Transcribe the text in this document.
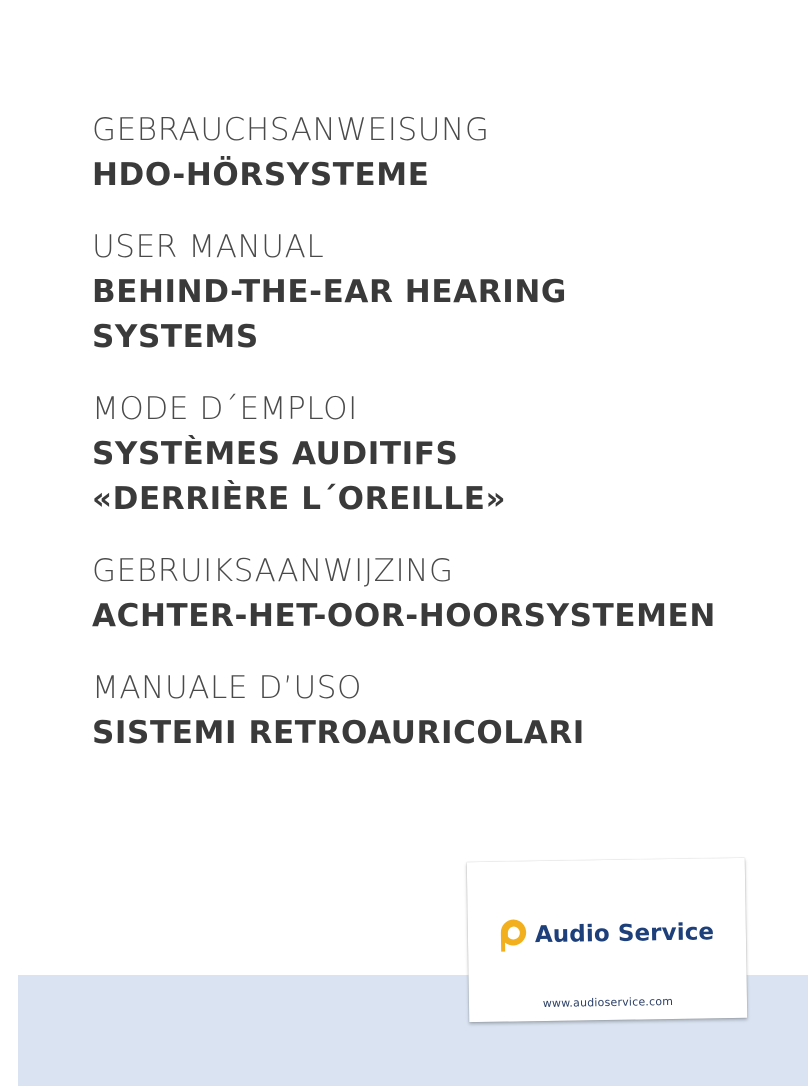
GEBRAUCHSANWEISUNG
HDO-HÖRSYSTEME
USER MANUAL
BEHIND-THE-EAR HEARING
SYSTEMS
MODE D´EMPLOI
SYSTÈMES AUDITIFS
«DERRIÈRE L´OREILLE»
GEBRUIKSAANWIJZING
ACHTER-HET-OOR-HOORSYSTEMEN
MANUALE D’USO
SISTEMI RETROAURICOLARI
Audio Service
www.audioservice.com
